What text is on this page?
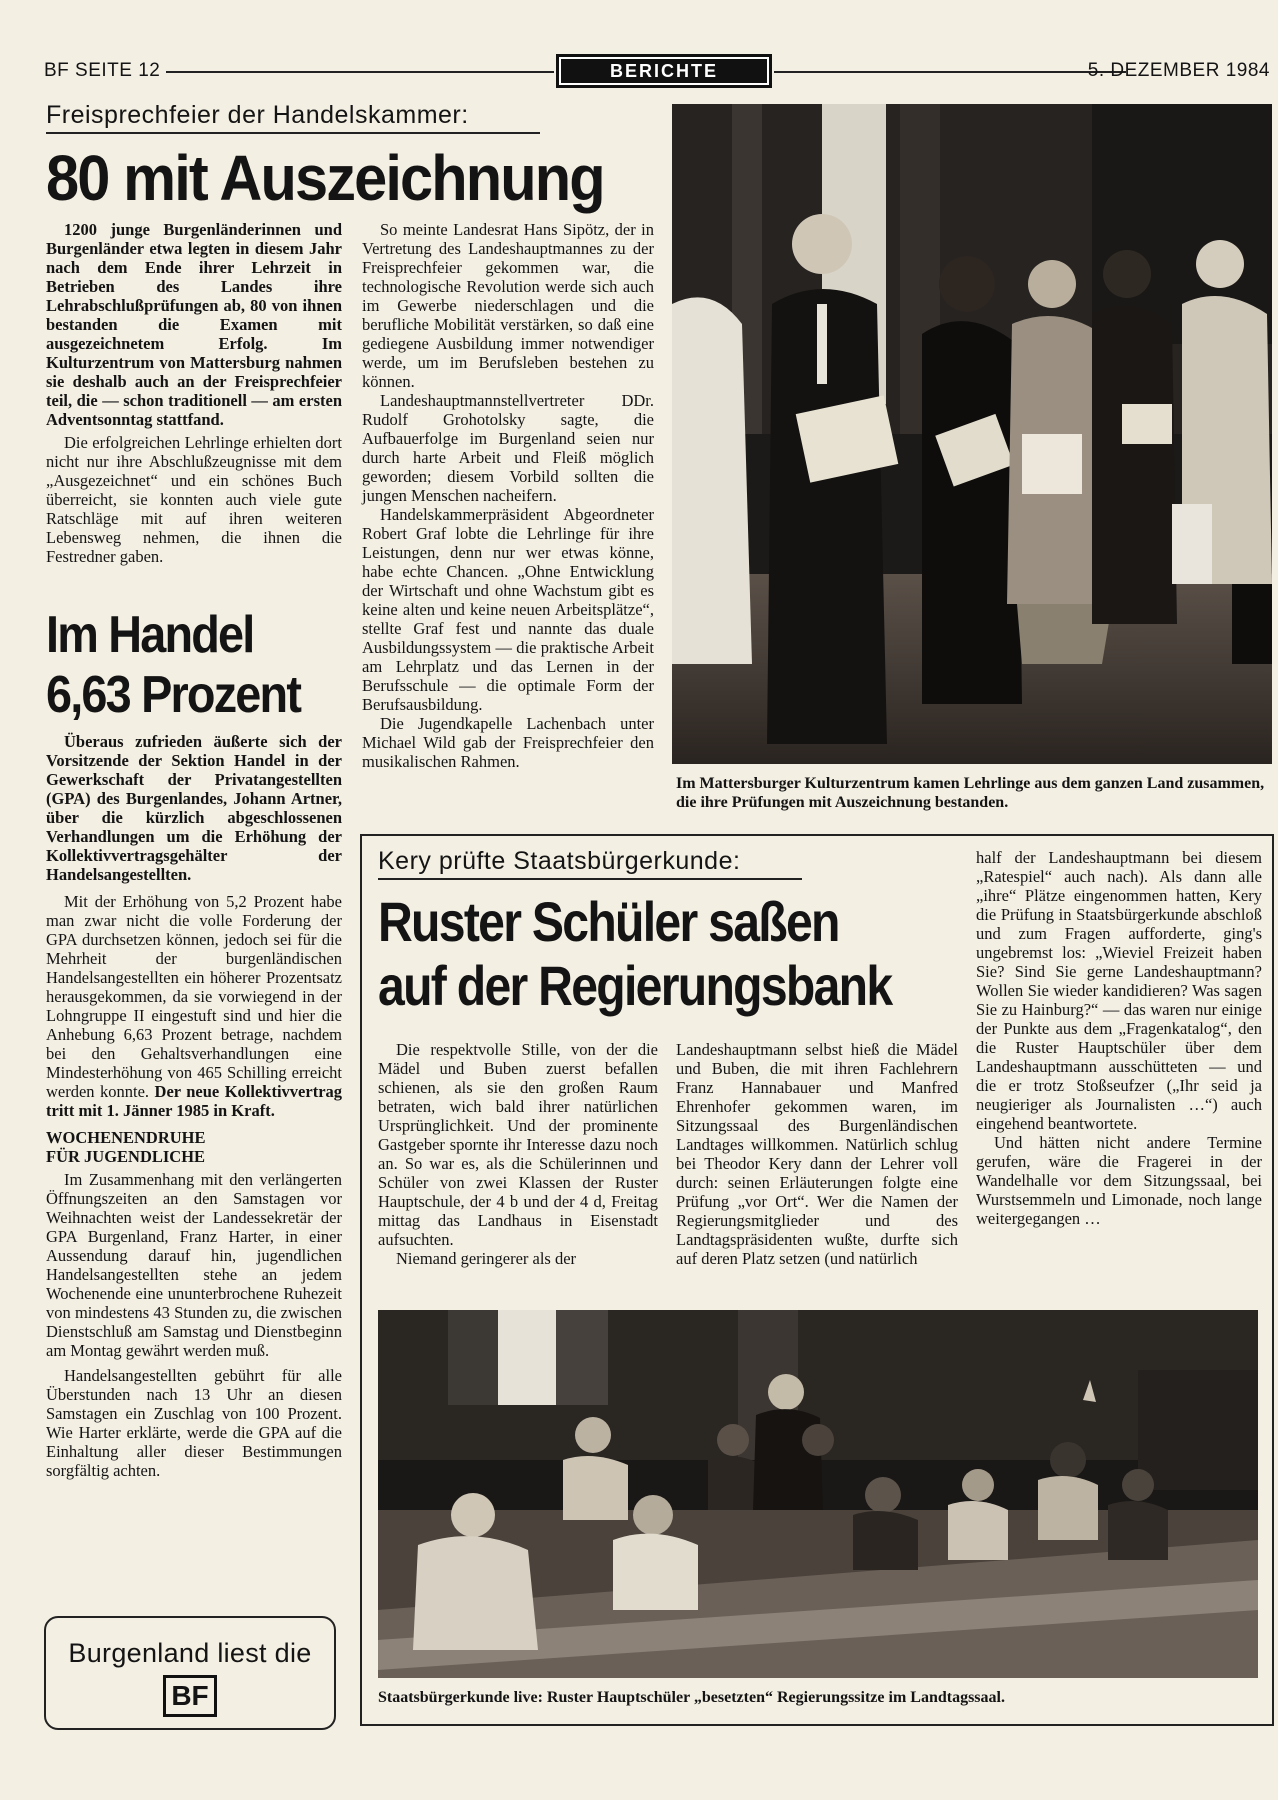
BF SEITE 12	BERICHTE	5. DEZEMBER 1984
Freisprechfeier der Handelskammer:
80 mit Auszeichnung

1200 junge Burgenländerinnen und Burgenländer etwa legten in diesem Jahr nach dem Ende ihrer Lehrzeit in Betrieben des Landes ihre Lehrabschlußprüfungen ab, 80 von ihnen bestanden die Examen mit ausgezeichnetem Erfolg. Im Kulturzentrum von Mattersburg nahmen sie deshalb auch an der Freisprechfeier teil, die — schon traditionell — am ersten Adventsonntag stattfand.

Die erfolgreichen Lehrlinge erhielten dort nicht nur ihre Abschlußzeugnisse mit dem „Ausgezeichnet“ und ein schönes Buch überreicht, sie konnten auch viele gute Ratschläge mit auf ihren weiteren Lebensweg nehmen, die ihnen die Festredner gaben.

So meinte Landesrat Hans Sipötz, der in Vertretung des Landeshauptmannes zu der Freisprechfeier gekommen war, die technologische Revolution werde sich auch im Gewerbe niederschlagen und die berufliche Mobilität verstärken, so daß eine gediegene Ausbildung immer notwendiger werde, um im Berufsleben bestehen zu können.

Landeshauptmannstellvertreter DDr. Rudolf Grohotolsky sagte, die Aufbauerfolge im Burgenland seien nur durch harte Arbeit und Fleiß möglich geworden; diesem Vorbild sollten die jungen Menschen nacheifern.

Handelskammerpräsident Abgeordneter Robert Graf lobte die Lehrlinge für ihre Leistungen, denn nur wer etwas könne, habe echte Chancen. „Ohne Entwicklung der Wirtschaft und ohne Wachstum gibt es keine alten und keine neuen Arbeitsplätze“, stellte Graf fest und nannte das duale Ausbildungssystem — die praktische Arbeit am Lehrplatz und das Lernen in der Berufsschule — die optimale Form der Berufsausbildung.

Die Jugendkapelle Lachenbach unter Michael Wild gab der Freisprechfeier den musikalischen Rahmen.

Im Mattersburger Kulturzentrum kamen Lehrlinge aus dem ganzen Land zusammen, die ihre Prüfungen mit Auszeichnung bestanden.
Im Handel
6,63 Prozent

Überaus zufrieden äußerte sich der Vorsitzende der Sektion Handel in der Gewerkschaft der Privatangestellten (GPA) des Burgenlandes, Johann Artner, über die kürzlich abgeschlossenen Verhandlungen um die Erhöhung der Kollektivvertragsgehälter der Handelsangestellten.

Mit der Erhöhung von 5,2 Prozent habe man zwar nicht die volle Forderung der GPA durchsetzen können, jedoch sei für die Mehrheit der burgenländischen Handelsangestellten ein höherer Prozentsatz herausgekommen, da sie vorwiegend in der Lohngruppe II eingestuft sind und hier die Anhebung 6,63 Prozent betrage, nachdem bei den Gehaltsverhandlungen eine Mindesterhöhung von 465 Schilling erreicht werden konnte. Der neue Kollektivvertrag tritt mit 1. Jänner 1985 in Kraft.

WOCHENENDRUHE

FÜR JUGENDLICHE

Im Zusammenhang mit den verlängerten Öffnungszeiten an den Samstagen vor Weihnachten weist der Landessekretär der GPA Burgenland, Franz Harter, in einer Aussendung darauf hin, jugendlichen Handelsangestellten stehe an jedem Wochenende eine ununterbrochene Ruhezeit von mindestens 43 Stunden zu, die zwischen Dienstschluß am Samstag und Dienstbeginn am Montag gewährt werden muß.

Handelsangestellten gebührt für alle Überstunden nach 13 Uhr an diesen Samstagen ein Zuschlag von 100 Prozent. Wie Harter erklärte, werde die GPA auf die Einhaltung aller dieser Bestimmungen sorgfältig achten.

Burgenland liest die
BF
Kery prüfte Staatsbürgerkunde:
Ruster Schüler saßen
auf der Regierungsbank

Die respektvolle Stille, von der die Mädel und Buben zuerst befallen schienen, als sie den großen Raum betraten, wich bald ihrer natürlichen Ursprünglichkeit. Und der prominente Gastgeber spornte ihr Interesse dazu noch an. So war es, als die Schülerinnen und Schüler von zwei Klassen der Ruster Hauptschule, der 4 b und der 4 d, Freitag mittag das Landhaus in Eisenstadt aufsuchten.

Niemand geringerer als der

Landeshauptmann selbst hieß die Mädel und Buben, die mit ihren Fachlehrern Franz Hannabauer und Manfred Ehrenhofer gekommen waren, im Sitzungssaal des Burgenländischen Landtages willkommen. Natürlich schlug bei Theodor Kery dann der Lehrer voll durch: seinen Erläuterungen folgte eine Prüfung „vor Ort“. Wer die Namen der Regierungsmitglieder und des Landtagspräsidenten wußte, durfte sich auf deren Platz setzen (und natürlich

half der Landeshauptmann bei diesem „Ratespiel“ auch nach). Als dann alle „ihre“ Plätze eingenommen hatten, Kery die Prüfung in Staatsbürgerkunde abschloß und zum Fragen aufforderte, ging's ungebremst los: „Wieviel Freizeit haben Sie? Sind Sie gerne Landeshauptmann? Wollen Sie wieder kandidieren? Was sagen Sie zu Hainburg?“ — das waren nur einige der Punkte aus dem „Fragenkatalog“, den die Ruster Hauptschüler über dem Landeshauptmann ausschütteten — und die er trotz Stoßseufzer („Ihr seid ja neugieriger als Journalisten …“) auch eingehend beantwortete.

Und hätten nicht andere Termine gerufen, wäre die Fragerei in der Wandelhalle vor dem Sitzungssaal, bei Wurstsemmeln und Limonade, noch lange weitergegangen …

Staatsbürgerkunde live: Ruster Hauptschüler „besetzten“ Regierungssitze im Landtagssaal.
